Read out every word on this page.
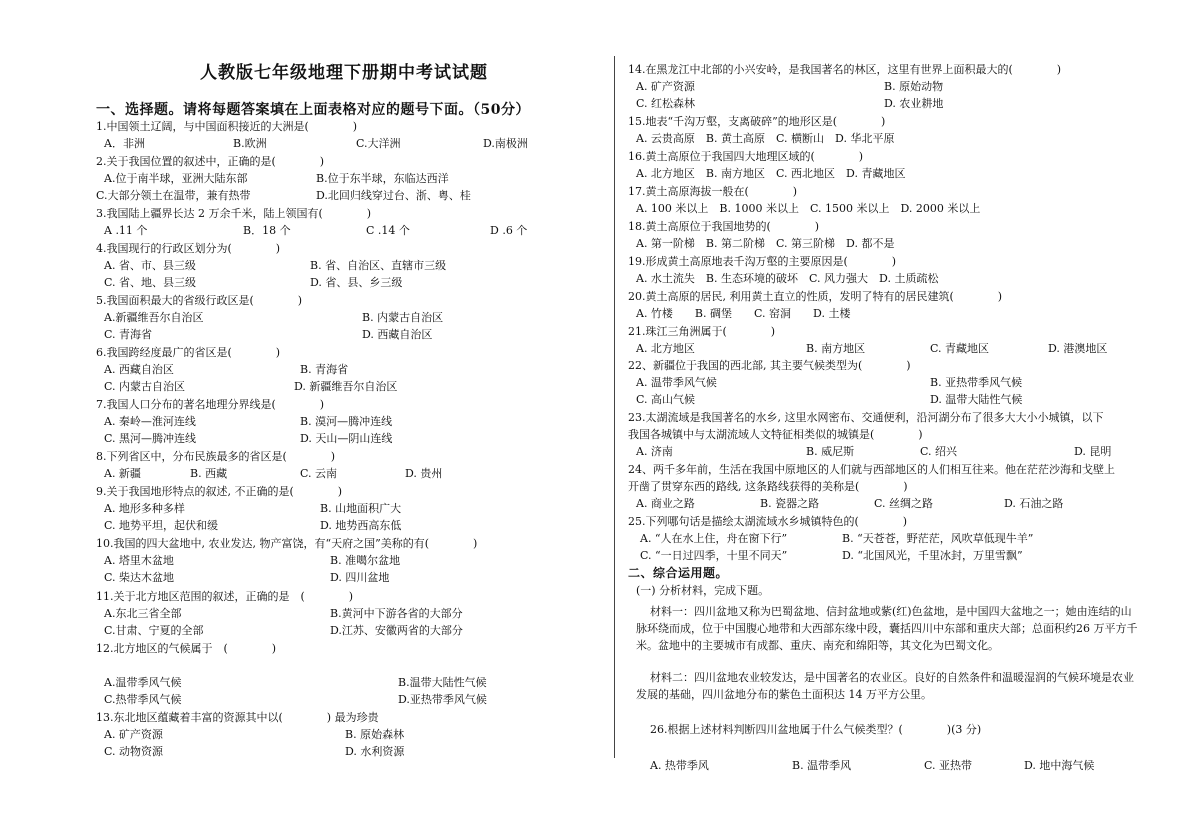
人教版七年级地理下册期中考试试题
一、选择题。请将每题答案填在上面表格对应的题号下面。（50分）
1.中国领土辽阔，与中国面积接近的大洲是(　　　　)
A．非洲	B.欧洲	C.大洋洲	D.南极洲
2.关于我国位置的叙述中，正确的是(　　　　)
A.位于南半球，亚洲大陆东部	B.位于东半球，东临达西洋
C.大部分领土在温带，兼有热带	D.北回归线穿过台、浙、粤、桂
3.我国陆上疆界长达 2 万余千米，陆上领国有(　　　　)
A .11 个	B．18 个	C .14 个	D .6 个
4.我国现行的行政区划分为(　　　　)
A. 省、市、县三级	B. 省、自治区、直辖市三级
C. 省、地、县三级	D. 省、县、乡三级
5.我国面积最大的省级行政区是(　　　　)
A.新疆维吾尔自治区	B. 内蒙古自治区
C. 青海省	D. 西藏自治区
6.我国跨经度最广的省区是(　　　　)
A. 西藏自治区	B. 青海省
C. 内蒙古自治区	D. 新疆维吾尔自治区
7.我国人口分布的著名地理分界线是(　　　　)
A. 秦岭—淮河连线	B. 漠河—腾冲连线
C. 黑河—腾冲连线	D. 天山—阴山连线
8.下列省区中，分布民族最多的省区是(　　　　)
A. 新疆	B. 西藏	C. 云南	D. 贵州
9.关于我国地形特点的叙述, 不正确的是(　　　　)
A. 地形多种多样	B. 山地面积广大
C. 地势平坦，起伏和缓	D. 地势西高东低
10.我国的四大盆地中, 农业发达, 物产富饶，有“天府之国”美称的有(　　　　)
A. 塔里木盆地	B. 准噶尔盆地
C. 柴达木盆地	D. 四川盆地
11.关于北方地区范围的叙述，正确的是　(　　　　)
A.东北三省全部	B.黄河中下游各省的大部分
C.甘肃、宁夏的全部	D.江苏、安徽两省的大部分
12.北方地区的气候属于　(　　　　)
A.温带季风气候	B.温带大陆性气候
C.热带季风气候	D.亚热带季风气候
13.东北地区蕴藏着丰富的资源其中以(　　　　) 最为珍贵
A. 矿产资源	B. 原始森林
C. 动物资源	D. 水利资源
14.在黑龙江中北部的小兴安岭，是我国著名的林区，这里有世界上面积最大的(　　　　)
A. 矿产资源	B. 原始动物
C. 红松森林	D. 农业耕地
15.地表“千沟万壑，支离破碎”的地形区是(　　　　)
A. 云贵高原　B. 黄土高原　C. 横断山　D. 华北平原
16.黄土高原位于我国四大地理区域的(　　　　)
A. 北方地区　B. 南方地区　C. 西北地区　D. 青藏地区
17.黄土高原海拔一般在(　　　　)
A. 100 米以上　B. 1000 米以上　C. 1500 米以上　D. 2000 米以上
18.黄土高原位于我国地势的(　　　　)
A. 第一阶梯　B. 第二阶梯　C. 第三阶梯　D. 都不是
19.形成黄土高原地表千沟万壑的主要原因是(　　　　)
A. 水土流失　B. 生态环境的破坏　C. 风力强大　D. 土质疏松
20.黄土高原的居民, 利用黄土直立的性质，发明了特有的居民建筑(　　　　)
A. 竹楼　　B. 碉堡　　C. 窑洞　　D. 土楼
21.珠江三角洲属于(　　　　)
A. 北方地区	B. 南方地区	C. 青藏地区	D. 港澳地区
22、新疆位于我国的西北部, 其主要气候类型为(　　　　)
A. 温带季风气候	B. 亚热带季风气候
C. 高山气候	D. 温带大陆性气候
23.太湖流域是我国著名的水乡, 这里水网密布、交通便利，沿河湖分布了很多大大小小城镇，以下
我国各城镇中与太湖流域人文特征相类似的城镇是(　　　　)
A. 济南	B. 威尼斯	C. 绍兴	D. 昆明
24、两千多年前，生活在我国中原地区的人们就与西部地区的人们相互往来。他在茫茫沙海和戈壁上
开凿了贯穿东西的路线, 这条路线获得的美称是(　　　　)
A. 商业之路	B. 瓷器之路	C. 丝绸之路	D. 石油之路
25.下列哪句话是描绘太湖流域水乡城镇特色的(　　　　)
A. “人在水上住，舟在窗下行”	B. “天苍苍，野茫茫，风吹草低现牛羊”
C. “一日过四季，十里不同天”	D. “北国风光，千里冰封，万里雪飘”
二、综合运用题。
(一) 分析材料，完成下题。
材料一：四川盆地又称为巴蜀盆地、信封盆地或紫(红)色盆地，是中国四大盆地之一；她由连结的山脉环绕而成，位于中国腹心地带和大西部东缘中段，囊括四川中东部和重庆大部；总面积约26 万平方千米。盆地中的主要城市有成都、重庆、南充和绵阳等，其文化为巴蜀文化。
材料二：四川盆地农业较发达，是中国著名的农业区。良好的自然条件和温暖湿润的气候环境是农业发展的基础，四川盆地分布的紫色土面积达 14 万平方公里。
26.根据上述材料判断四川盆地属于什么气候类型？(　　　　)(3 分)
A. 热带季风	B. 温带季风	C. 亚热带	D. 地中海气候
